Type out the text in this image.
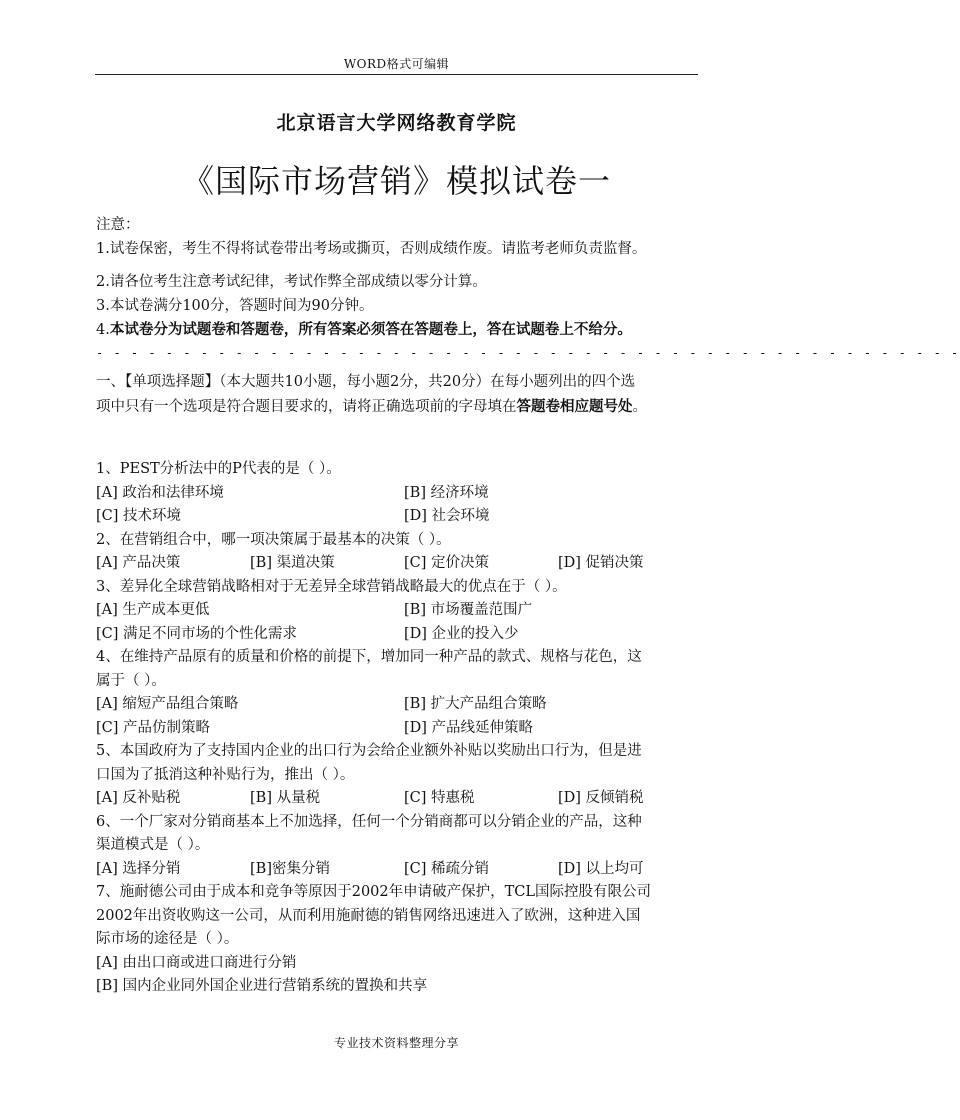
WORD格式可编辑
北京语言大学网络教育学院
《国际市场营销》模拟试卷一
注意：
1.试卷保密，考生不得将试卷带出考场或撕页，否则成绩作废。请监考老师负责监督。
2.请各位考生注意考试纪律，考试作弊全部成绩以零分计算。
3.本试卷满分100分，答题时间为90分钟。
4.本试卷分为试题卷和答题卷，所有答案必须答在答题卷上，答在试题卷上不给分。
- - - - - - - - - - - - - - - - - - - - - - - - - - - - - - - - - - - - - - - - - - - - - - - - - -
一、【单项选择题】（本大题共10小题，每小题2分，共20分）在每小题列出的四个选
项中只有一个选项是符合题目要求的，请将正确选项前的字母填在答题卷相应题号处。
1、PEST分析法中的P代表的是（ ）。
[A] 政治和法律环境	[B] 经济环境
[C] 技术环境	[D] 社会环境
2、在营销组合中，哪一项决策属于最基本的决策（ ）。
[A] 产品决策	[B] 渠道决策	[C] 定价决策	[D] 促销决策
3、差异化全球营销战略相对于无差异全球营销战略最大的优点在于（ ）。
[A] 生产成本更低	[B] 市场覆盖范围广
[C] 满足不同市场的个性化需求	[D] 企业的投入少
4、在维持产品原有的质量和价格的前提下，增加同一种产品的款式、规格与花色，这
属于（ ）。
[A] 缩短产品组合策略	[B] 扩大产品组合策略
[C] 产品仿制策略	[D] 产品线延伸策略
5、本国政府为了支持国内企业的出口行为会给企业额外补贴以奖励出口行为，但是进
口国为了抵消这种补贴行为，推出（ ）。
[A] 反补贴税	[B] 从量税	[C] 特惠税	[D] 反倾销税
6、一个厂家对分销商基本上不加选择，任何一个分销商都可以分销企业的产品，这种
渠道模式是（ ）。
[A] 选择分销	[B]密集分销	[C] 稀疏分销	[D] 以上均可
7、施耐德公司由于成本和竞争等原因于2002年申请破产保护，TCL国际控股有限公司
2002年出资收购这一公司，从而利用施耐德的销售网络迅速进入了欧洲，这种进入国
际市场的途径是（ ）。
[A] 由出口商或进口商进行分销
[B] 国内企业同外国企业进行营销系统的置换和共享
专业技术资料整理分享
